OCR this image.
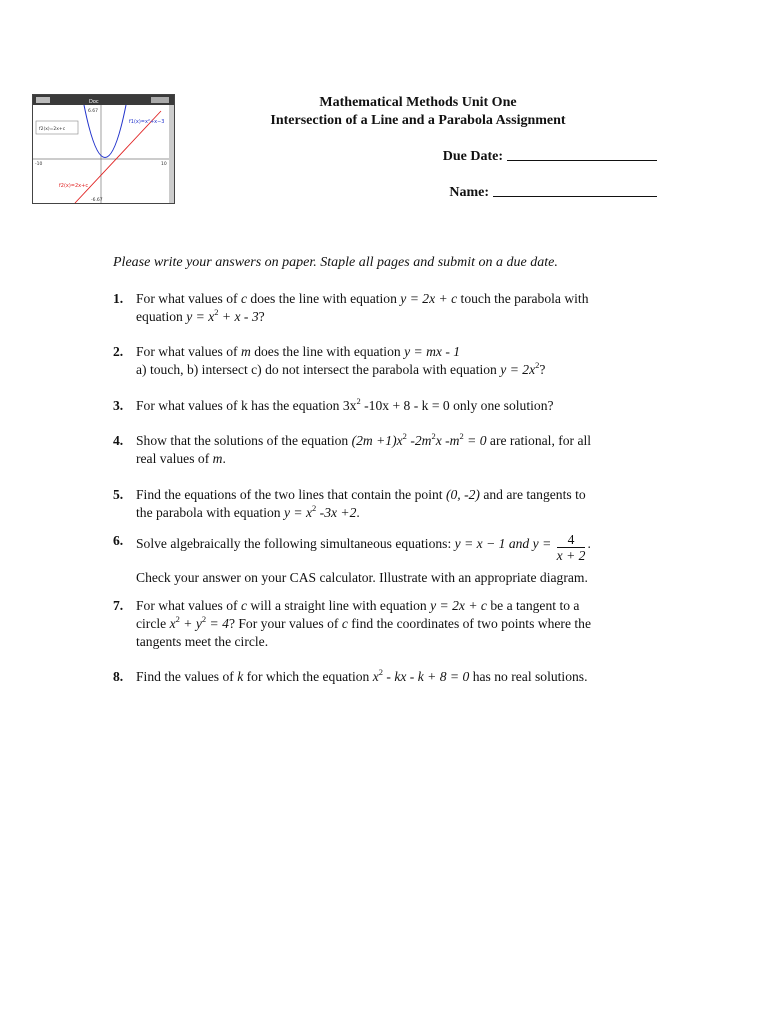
Doc
f2(x)=2x+c
-10	10
6.67
-6.67
f1(x)=x²+x−3
f2(x)=2x+c
Mathematical Methods Unit One
Intersection of a Line and a Parabola Assignment
Due Date:
Name:
Please write your answers on paper. Staple all pages and submit on a due date.
1. For what values of c does the line with equation y = 2x + c touch the parabola with
equation $y = x^2 + x - 3$?
2. For what values of m does the line with equation y = mx - 1
a) touch, b) intersect c) do not intersect the parabola with equation $y = 2x^2$?
3. For what values of k has the equation $3x^2$ -10x + 8 - k = 0 only one solution?
4. Show that the solutions of the equation $(2m +1)x^2$ $-2m^2x$ $-m^2 = 0$ are rational, for all
real values of m.
5. Find the equations of the two lines that contain the point (0, -2) and are tangents to
the parabola with equation $y = x^2$ -3x +2.
6. Solve algebraically the following simultaneous equations: y = x − 1 and $y = \frac{4}{x + 2}$ .
Check your answer on your CAS calculator. Illustrate with an appropriate diagram.
7. For what values of c will a straight line with equation y = 2x + c be a tangent to a
circle $x^2 + y^2 = 4$? For your values of c find the coordinates of two points where the
tangents meet the circle.
8. Find the values of k for which the equation $x^2$ - kx - k + 8 = 0 has no real solutions.
